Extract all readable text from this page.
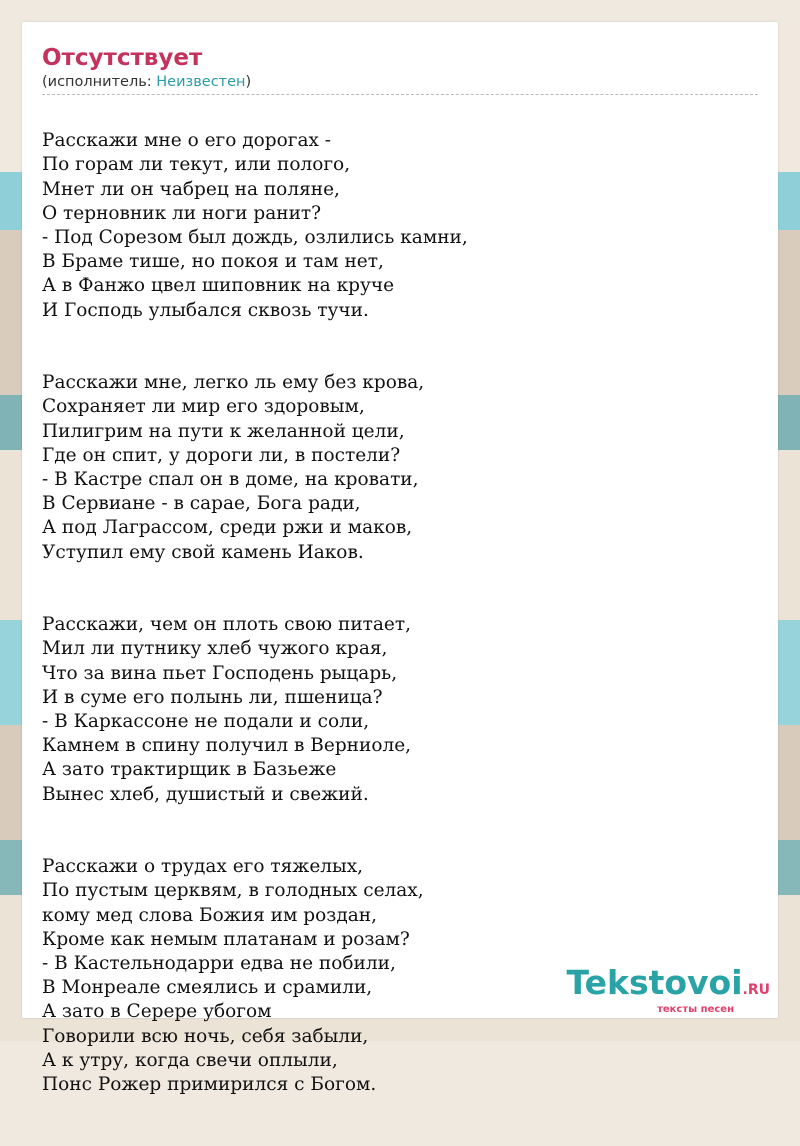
Отсутствует
(исполнитель: Неизвестен)

Расскажи мне о его дорогах -
По горам ли текут, или полого,
Мнет ли он чабрец на поляне,
О терновник ли ноги ранит?
- Под Сорезом был дождь, озлились камни,
В Браме тише, но покоя и там нет,
А в Фанжо цвел шиповник на круче
И Господь улыбался сквозь тучи.

Расскажи мне, легко ль ему без крова,
Сохраняет ли мир его здоровым,
Пилигрим на пути к желанной цели,
Где он спит, у дороги ли, в постели?
- В Кастре спал он в доме, на кровати,
В Сервиане - в сарае, Бога ради,
А под Лаграссом, среди ржи и маков,
Уступил ему свой камень Иаков.

Расскажи, чем он плоть свою питает,
Мил ли путнику хлеб чужого края,
Что за вина пьет Господень рыцарь,
И в суме его полынь ли, пшеница?
- В Каркассоне не подали и соли,
Камнем в спину получил в Верниоле,
А зато трактирщик в Базьеже
Вынес хлеб, душистый и свежий.

Расскажи о трудах его тяжелых,
По пустым церквям, в голодных селах,
кому мед слова Божия им роздан,
Кроме как немым платанам и розам?
- В Кастельнодарри едва не побили,
В Монреале смеялись и срамили,
А зато в Серере убогом
Говорили всю ночь, себя забыли,
А к утру, когда свечи оплыли,
Понс Рожер примирился с Богом.

Tekstovoi.RU
тексты песен
